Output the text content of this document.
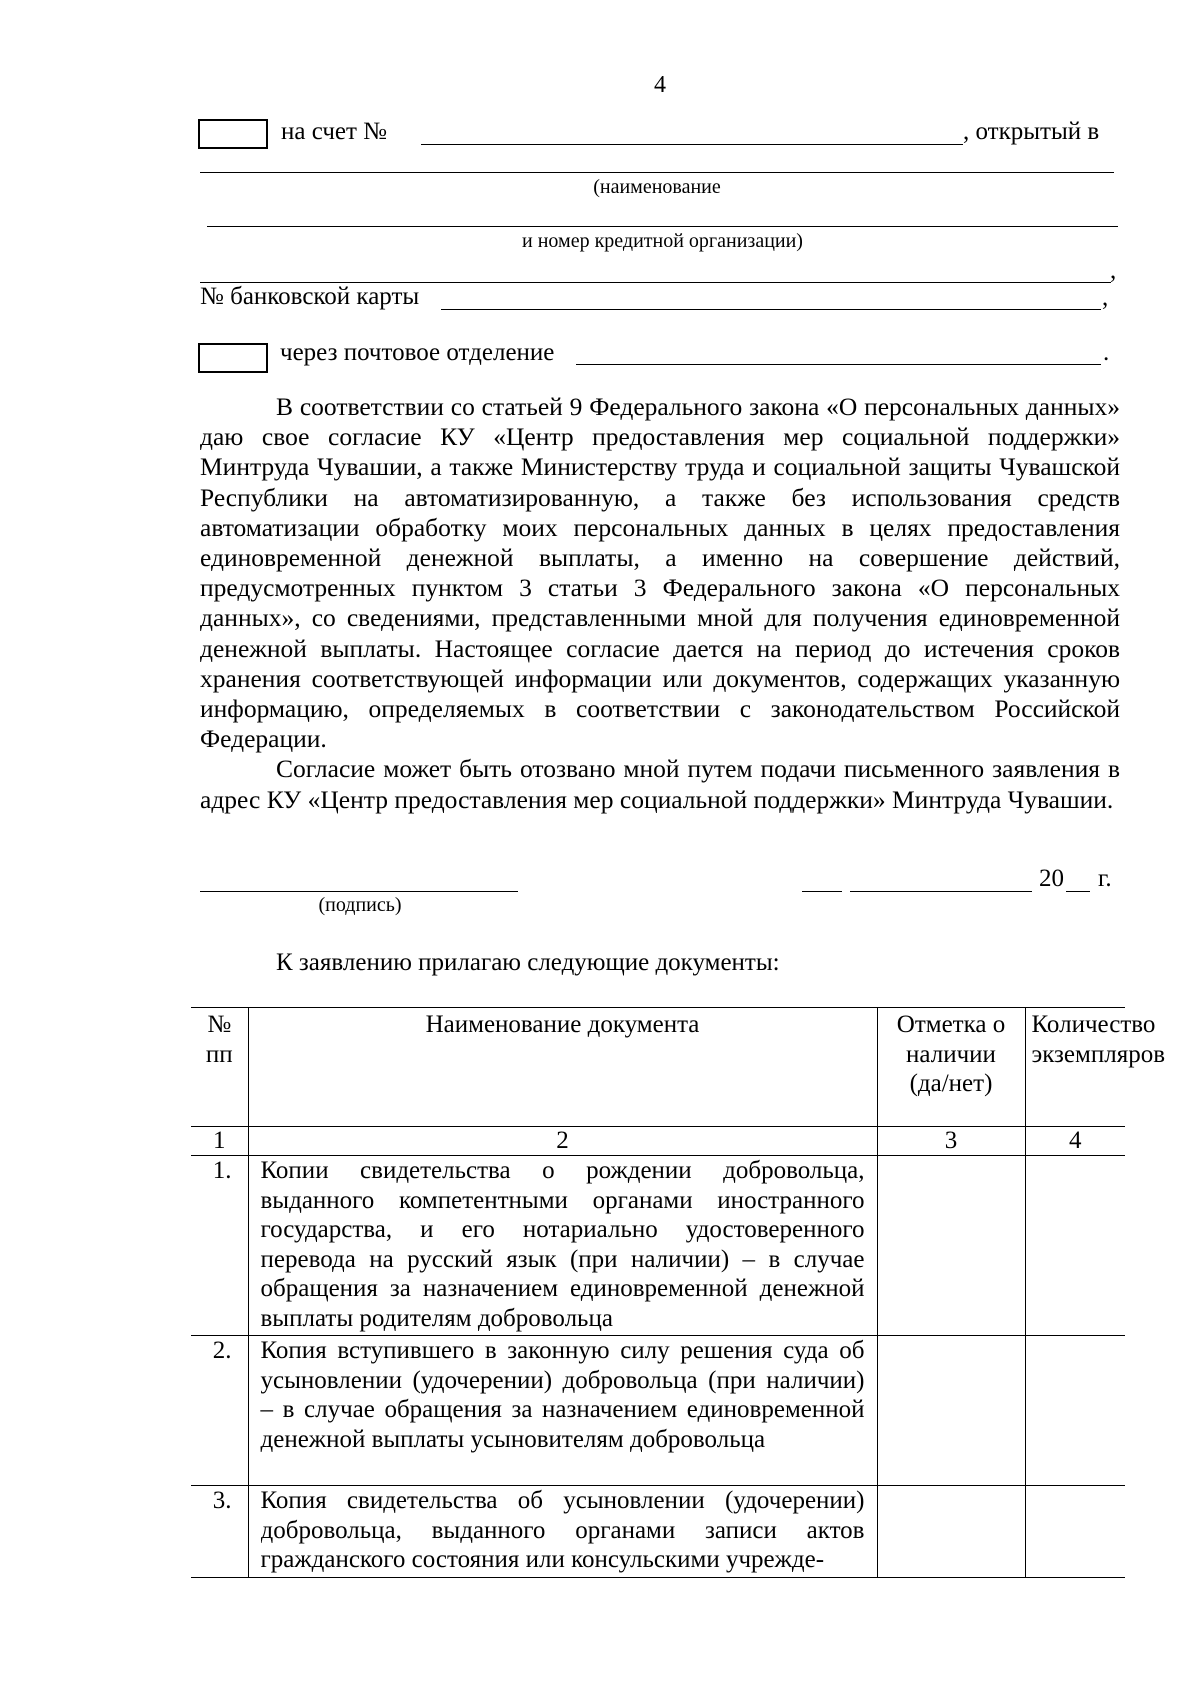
4
на счет №	, открытый в
(наименование
и номер кредитной организации)
,
№ банковской карты	,
через почтовое отделение	.

В соответствии со статьей 9 Федерального закона «О персональных данных» даю свое согласие КУ «Центр предоставления мер социальной поддержки» Минтруда Чувашии, а также Министерству труда и социальной защиты Чувашской Республики на автоматизированную, а также без использования средств автоматизации обработку моих персональных данных в целях предоставления единовременной денежной выплаты, а именно на совершение действий, предусмотренных пунктом 3 статьи 3 Федерального закона «О персональных данных», со сведениями, представленными мной для получения единовременной денежной выплаты. Настоящее согласие дается на период до истечения сроков хранения соответствующей информации или документов, содержащих указанную информацию, определяемых в соответствии с законодательством Российской Федерации.

Согласие может быть отозвано мной путем подачи письменного заявления в адрес КУ «Центр предоставления мер социальной поддержки» Минтруда Чувашии.

(подпись)
20 г.
К заявлению прилагаю следующие документы:
№ пп	Наименование документа	Отметка о наличии (да/нет)	Количество экземпляров
1	2	3	4
1.	Копии свидетельства о рождении добровольца, выданного компетентными органами иностранного государства, и его нотариально удостоверенного перевода на русский язык (при наличии) – в случае обращения за назначением единовременной денежной выплаты родителям добровольца		
2.	Копия вступившего в законную силу решения суда об усыновлении (удочерении) добровольца (при наличии) – в случае обращения за назначением единовременной денежной выплаты усыновителям добровольца		
3.	Копия свидетельства об усыновлении (удочерении) добровольца, выданного органами записи актов гражданского состояния или консульскими учрежде-		
